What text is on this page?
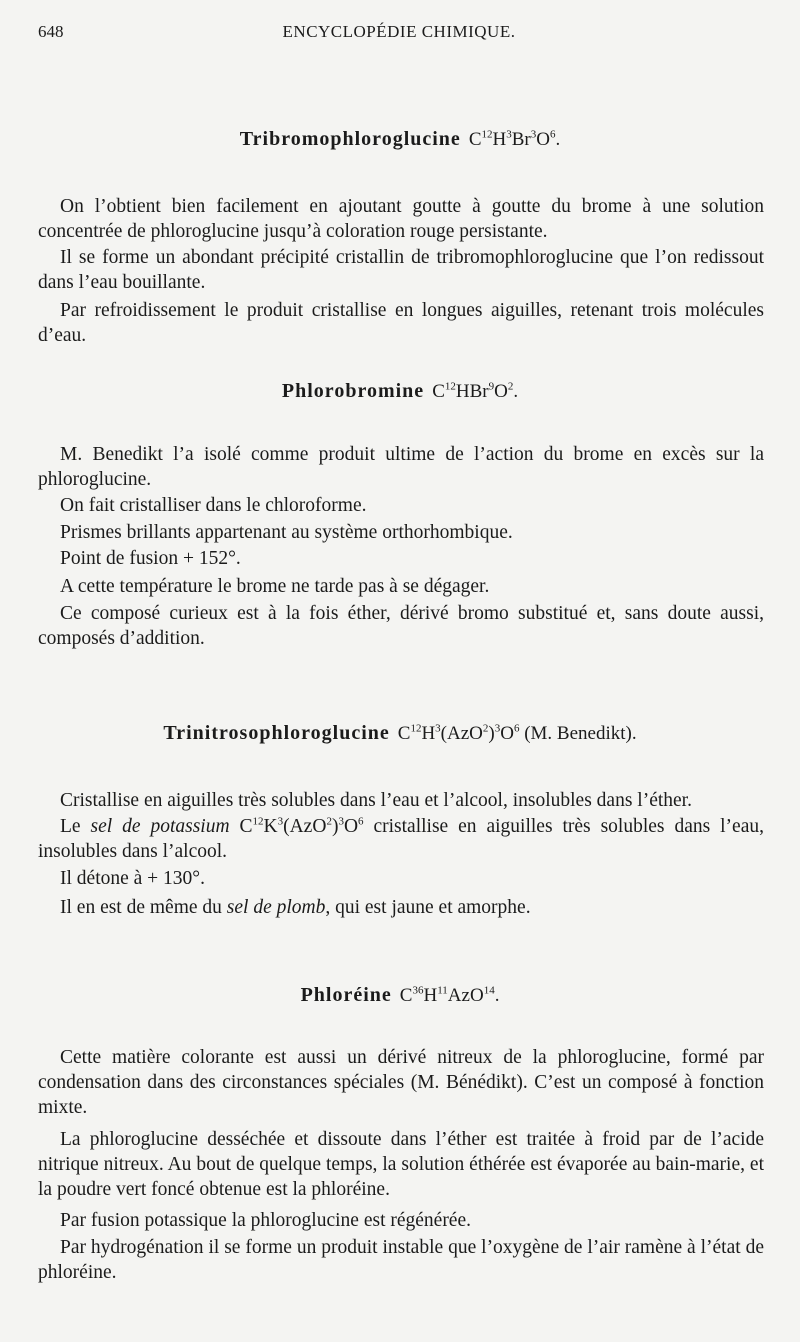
648	ENCYCLOPÉDIE CHIMIQUE.
Tribromophloroglucine $C^{12}H^3Br^3O^6$.
On l’obtient bien facilement en ajoutant goutte à goutte du brome à une solution concentrée de phloroglucine jusqu’à coloration rouge persistante.
Il se forme un abondant précipité cristallin de tribromophloroglucine que l’on redissout dans l’eau bouillante.
Par refroidissement le produit cristallise en longues aiguilles, retenant trois molécules d’eau.
Phlorobromine $C^{12}HBr^9O^2$.
M. Benedikt l’a isolé comme produit ultime de l’action du brome en excès sur la phloroglucine.
On fait cristalliser dans le chloroforme.
Prismes brillants appartenant au système orthorhombique.
Point de fusion + 152°.
A cette température le brome ne tarde pas à se dégager.
Ce composé curieux est à la fois éther, dérivé bromo substitué et, sans doute aussi, composés d’addition.
Trinitrosophloroglucine $C^{12}H^3(AzO^2)^3O^6$ (M. Benedikt).
Cristallise en aiguilles très solubles dans l’eau et l’alcool, insolubles dans l’éther.
Le sel de potassium $C^{12}K^3(AzO^2)^3O^6$ cristallise en aiguilles très solubles dans l’eau, insolubles dans l’alcool.
Il détone à + 130°.
Il en est de même du sel de plomb, qui est jaune et amorphe.
Phloréine $C^{36}H^{11}AzO^{14}$.
Cette matière colorante est aussi un dérivé nitreux de la phloroglucine, formé par condensation dans des circonstances spéciales (M. Bénédikt). C’est un composé à fonction mixte.
La phloroglucine desséchée et dissoute dans l’éther est traitée à froid par de l’acide nitrique nitreux. Au bout de quelque temps, la solution éthérée est évaporée au bain-marie, et la poudre vert foncé obtenue est la phloréine.
Par fusion potassique la phloroglucine est régénérée.
Par hydrogénation il se forme un produit instable que l’oxygène de l’air ramène à l’état de phloréine.
